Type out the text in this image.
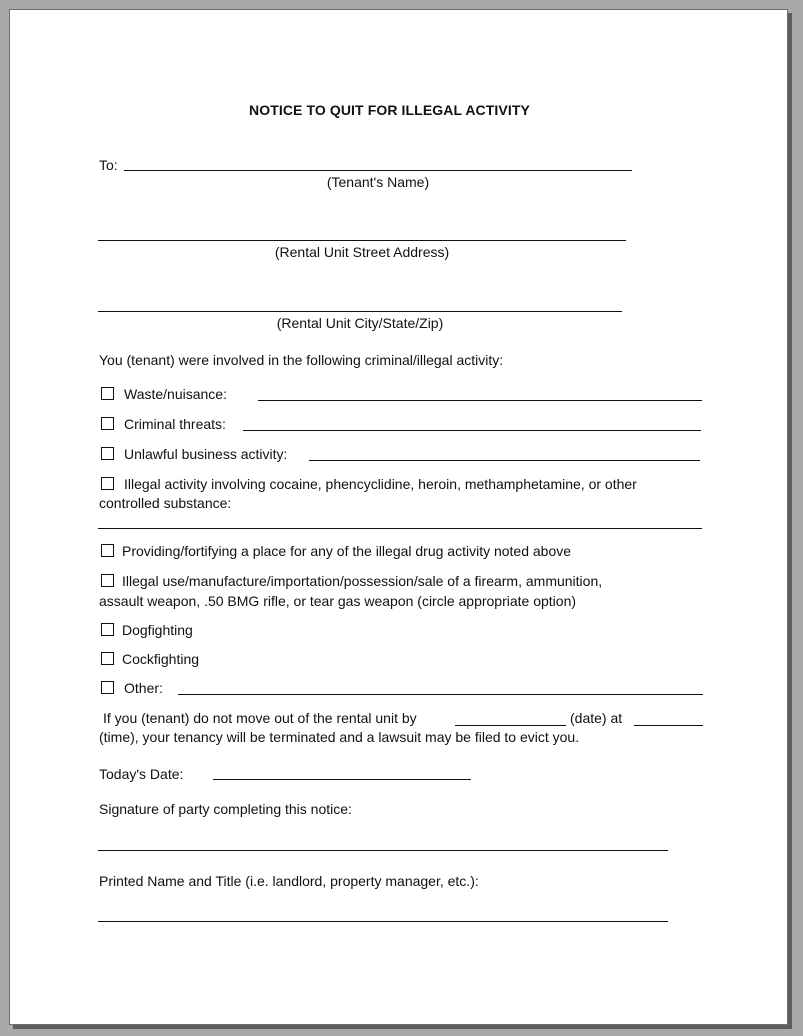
NOTICE TO QUIT FOR ILLEGAL ACTIVITY
To:
(Tenant's Name)
(Rental Unit Street Address)
(Rental Unit City/State/Zip)
You (tenant) were involved in the following criminal/illegal activity:
Waste/nuisance:
Criminal threats:
Unlawful business activity:
Illegal activity involving cocaine, phencyclidine, heroin, methamphetamine, or other
controlled substance:
Providing/fortifying a place for any of the illegal drug activity noted above
Illegal use/manufacture/importation/possession/sale of a firearm, ammunition,
assault weapon, .50 BMG rifle, or tear gas weapon (circle appropriate option)
Dogfighting
Cockfighting
Other:
If you (tenant) do not move out of the rental unit by	(date) at
(time), your tenancy will be terminated and a lawsuit may be filed to evict you.
Today's Date:
Signature of party completing this notice:
Printed Name and Title (i.e. landlord, property manager, etc.):
